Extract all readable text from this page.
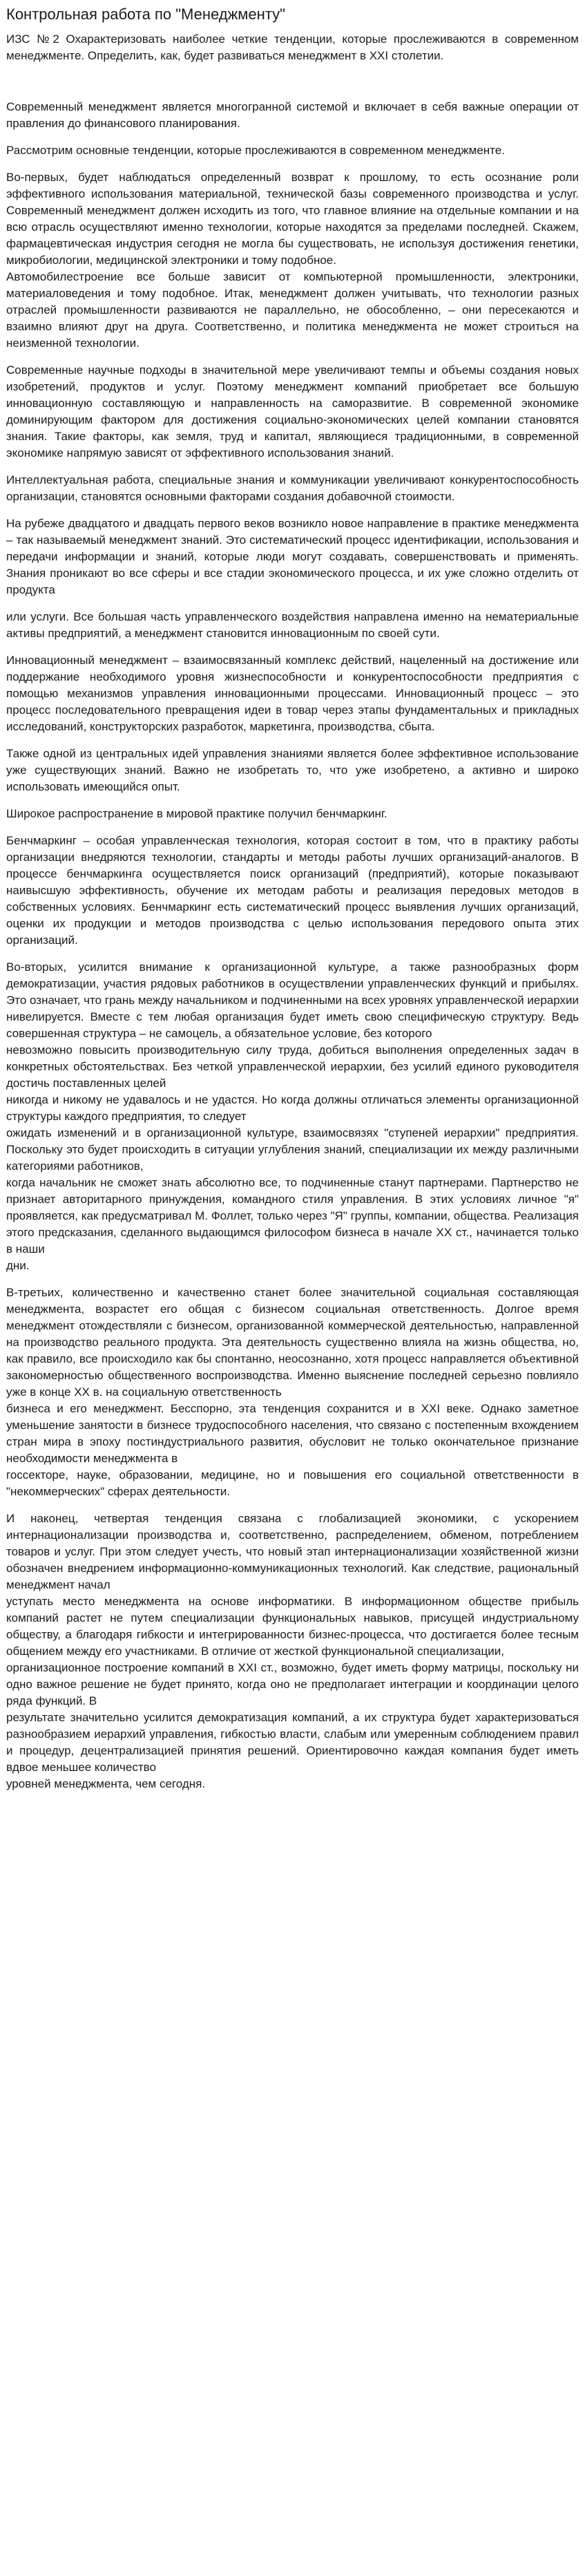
Контрольная работа по "Менеджменту"

ИЗС №2 Охарактеризовать наиболее четкие тенденции, которые прослеживаются в современном менеджменте. Определить, как, будет развиваться менеджмент в XXI столетии.

Современный менеджмент является многогранной системой и включает в себя важные операции от правления до финансового планирования.

Рассмотрим основные тенденции, которые прослеживаются в современном менеджменте.

Во-первых, будет наблюдаться определенный возврат к прошлому, то есть осознание роли эффективного использования материальной, технической базы современного производства и услуг. Современный менеджмент должен исходить из того, что главное влияние на отдельные компании и на всю отрасль осуществляют именно технологии, которые находятся за пределами последней. Скажем, фармацевтическая индустрия сегодня не могла бы существовать, не используя достижения генетики, микробиологии, медицинской электроники и тому подобное.

Автомобилестроение все больше зависит от компьютерной промышленности, электроники, материаловедения и тому подобное. Итак, менеджмент должен учитывать, что технологии разных отраслей промышленности развиваются не параллельно, не обособленно, – они пересекаются и взаимно влияют друг на друга. Соответственно, и политика менеджмента не может строиться на неизменной технологии.

Современные научные подходы в значительной мере увеличивают темпы и объемы создания новых изобретений, продуктов и услуг. Поэтому менеджмент компаний приобретает все большую инновационную составляющую и направленность на саморазвитие. В современной экономике доминирующим фактором для достижения социально-экономических целей компании становятся знания. Такие факторы, как земля, труд и капитал, являющиеся традиционными, в современной экономике напрямую зависят от эффективного использования знаний.

Интеллектуальная работа, специальные знания и коммуникации увеличивают конкурентоспособность организации, становятся основными факторами создания добавочной стоимости.

На рубеже двадцатого и двадцать первого веков возникло новое направление в практике менеджмента – так называемый менеджмент знаний. Это систематический процесс идентификации, использования и передачи информации и знаний, которые люди могут создавать, совершенствовать и применять. Знания проникают во все сферы и все стадии экономического процесса, и их уже сложно отделить от продукта

или услуги. Все большая часть управленческого воздействия направлена именно на нематериальные активы предприятий, а менеджмент становится инновационным по своей сути.

Инновационный менеджмент – взаимосвязанный комплекс действий, нацеленный на достижение или поддержание необходимого уровня жизнеспособности и конкурентоспособности предприятия с помощью механизмов управления инновационными процессами. Инновационный процесс – это процесс последовательного превращения идеи в товар через этапы фундаментальных и прикладных исследований, конструкторских разработок, маркетинга, производства, сбыта.

Также одной из центральных идей управления знаниями является более эффективное использование уже существующих знаний. Важно не изобретать то, что уже изобретено, а активно и широко использовать имеющийся опыт.

Широкое распространение в мировой практике получил бенчмаркинг.

Бенчмаркинг – особая управленческая технология, которая состоит в том, что в практику работы организации внедряются технологии, стандарты и методы работы лучших организаций-аналогов. В процессе бенчмаркинга осуществляется поиск организаций (предприятий), которые показывают наивысшую эффективность, обучение их методам работы и реализация передовых методов в собственных условиях. Бенчмаркинг есть систематический процесс выявления лучших организаций, оценки их продукции и методов производства с целью использования передового опыта этих организаций.

Во-вторых, усилится внимание к организационной культуре, а также разнообразных форм демократизации, участия рядовых работников в осуществлении управленческих функций и прибылях. Это означает, что грань между начальником и подчиненными на всех уровнях управленческой иерархии нивелируется. Вместе с тем любая организация будет иметь свою специфическую структуру. Ведь совершенная структура – не самоцель, а обязательное условие, без которого

невозможно повысить производительную силу труда, добиться выполнения определенных задач в конкретных обстоятельствах. Без четкой управленческой иерархии, без усилий единого руководителя достичь поставленных целей

никогда и никому не удавалось и не удастся. Но когда должны отличаться элементы организационной структуры каждого предприятия, то следует

ожидать изменений и в организационной культуре, взаимосвязях "ступеней иерархии" предприятия. Поскольку это будет происходить в ситуации углубления знаний, специализации их между различными категориями работников,

когда начальник не сможет знать абсолютно все, то подчиненные станут партнерами. Партнерство не признает авторитарного принуждения, командного стиля управления. В этих условиях личное "я" проявляется, как предусматривал М. Фоллет, только через "Я" группы, компании, общества. Реализация этого предсказания, сделанного выдающимся философом бизнеса в начале XX ст., начинается только в наши

дни.

В-третьих, количественно и качественно станет более значительной социальная составляющая менеджмента, возрастет его общая с бизнесом социальная ответственность. Долгое время менеджмент отождествляли с бизнесом, организованной коммерческой деятельностью, направленной на производство реального продукта. Эта деятельность существенно влияла на жизнь общества, но, как правило, все происходило как бы спонтанно, неосознанно, хотя процесс направляется объективной закономерностью общественного воспроизводства. Именно выяснение последней серьезно повлияло уже в конце XX в. на социальную ответственность

бизнеса и его менеджмент. Бесспорно, эта тенденция сохранится и в XXI веке. Однако заметное уменьшение занятости в бизнесе трудоспособного населения, что связано с постепенным вхождением стран мира в эпоху постиндустриального развития, обусловит не только окончательное признание необходимости менеджмента в

госсекторе, науке, образовании, медицине, но и повышения его социальной ответственности в "некоммерческих" сферах деятельности.

И наконец, четвертая тенденция связана с глобализацией экономики, с ускорением интернационализации производства и, соответственно, распределением, обменом, потреблением товаров и услуг. При этом следует учесть, что новый этап интернационализации хозяйственной жизни обозначен внедрением информационно-коммуникационных технологий. Как следствие, рациональный менеджмент начал

уступать место менеджмента на основе информатики. В информационном обществе прибыль компаний растет не путем специализации функциональных навыков, присущей индустриальному обществу, а благодаря гибкости и интегрированности бизнес-процесса, что достигается более тесным общением между его участниками. В отличие от жесткой функциональной специализации,

организационное построение компаний в XXI ст., возможно, будет иметь форму матрицы, поскольку ни одно важное решение не будет принято, когда оно не предполагает интеграции и координации целого ряда функций. В

результате значительно усилится демократизация компаний, а их структура будет характеризоваться разнообразием иерархий управления, гибкостью власти, слабым или умеренным соблюдением правил и процедур, децентрализацией принятия решений. Ориентировочно каждая компания будет иметь вдвое меньшее количество

уровней менеджмента, чем сегодня.
